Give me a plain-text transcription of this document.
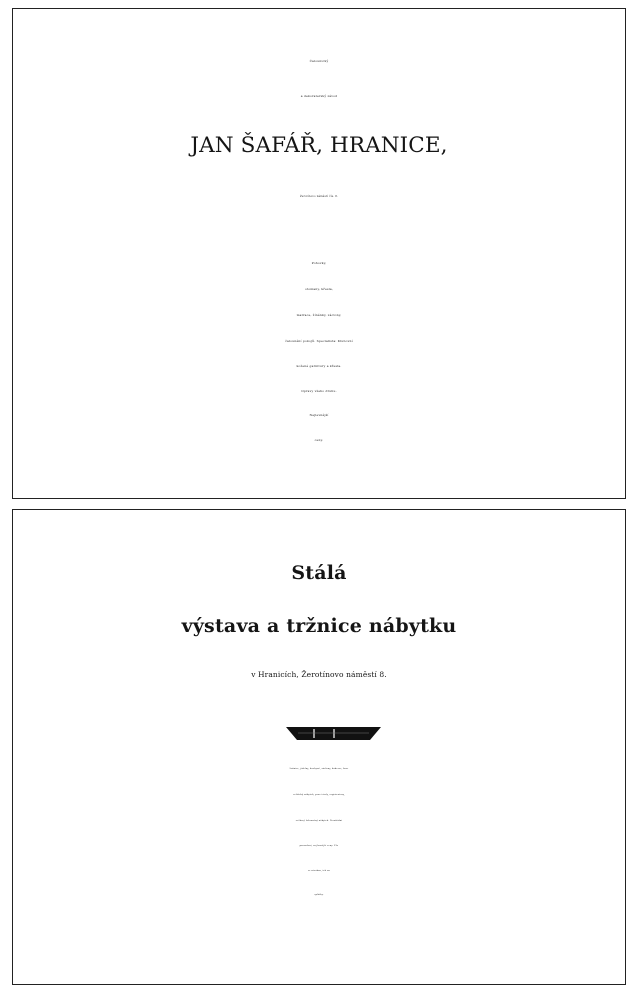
Čalounický
a dekoraterský závod
JAN ŠAFÁŘ, HRANICE,
Žerotínovo náměstí čís. 8.
Pohovky,
otomany, křesla,
matrace, žíněnky, záclony,
čalounění pokojů. Specialista: Klubovní
kožené garnitury a křesla.
Opravy všeho druhu.
Nejlevnější
ceny.
Stálá
výstava a tržnice nábytku
v Hranicích, Žerotínovo náměstí 8.
Ložnice, jídelny, kuchyně, záclony, koberce, kan-
celářský nábytek, psací stoly, registratury,
veškerý čalouněný nábytek. Prvotřídní
provedení, nejlevnější ceny. Vše
se zárukou, též na
splátky.
